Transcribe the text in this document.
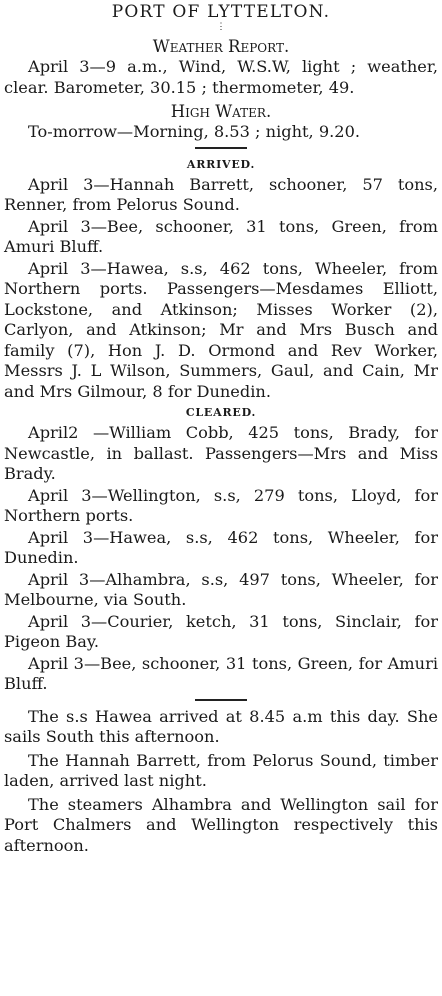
PORT OF LYTTELTON.
⋮
Weather Report.

April 3—9 a.m., Wind, W.S.W, light ; weather, clear. Barometer, 30.15 ; thermometer, 49.

High Water.

To-morrow—Morning, 8.53 ; night, 9.20.

ARRIVED.

April 3—Hannah Barrett, schooner, 57 tons, Renner, from Pelorus Sound.

April 3—Bee, schooner, 31 tons, Green, from Amuri Bluff.

April 3—Hawea, s.s, 462 tons, Wheeler, from Northern ports. Passengers—Mesdames Elliott, Lockstone, and Atkinson; Misses Worker (2), Carlyon, and Atkinson; Mr and Mrs Busch and family (7), Hon J. D. Ormond and Rev Worker, Messrs J. L Wilson, Summers, Gaul, and Cain, Mr and Mrs Gilmour, 8 for Dunedin.

CLEARED.

April2 —William Cobb, 425 tons, Brady, for Newcastle, in ballast. Passengers—Mrs and Miss Brady.

April 3—Wellington, s.s, 279 tons, Lloyd, for Northern ports.

April 3—Hawea, s.s, 462 tons, Wheeler, for Dunedin.

April 3—Alhambra, s.s, 497 tons, Wheeler, for Melbourne, via South.

April 3—Courier, ketch, 31 tons, Sinclair, for Pigeon Bay.

April 3—Bee, schooner, 31 tons, Green, for Amuri Bluff.

The s.s Hawea arrived at 8.45 a.m this day. She sails South this afternoon.

The Hannah Barrett, from Pelorus Sound, timber laden, arrived last night.

The steamers Alhambra and Wellington sail for Port Chalmers and Wellington respectively this afternoon.
